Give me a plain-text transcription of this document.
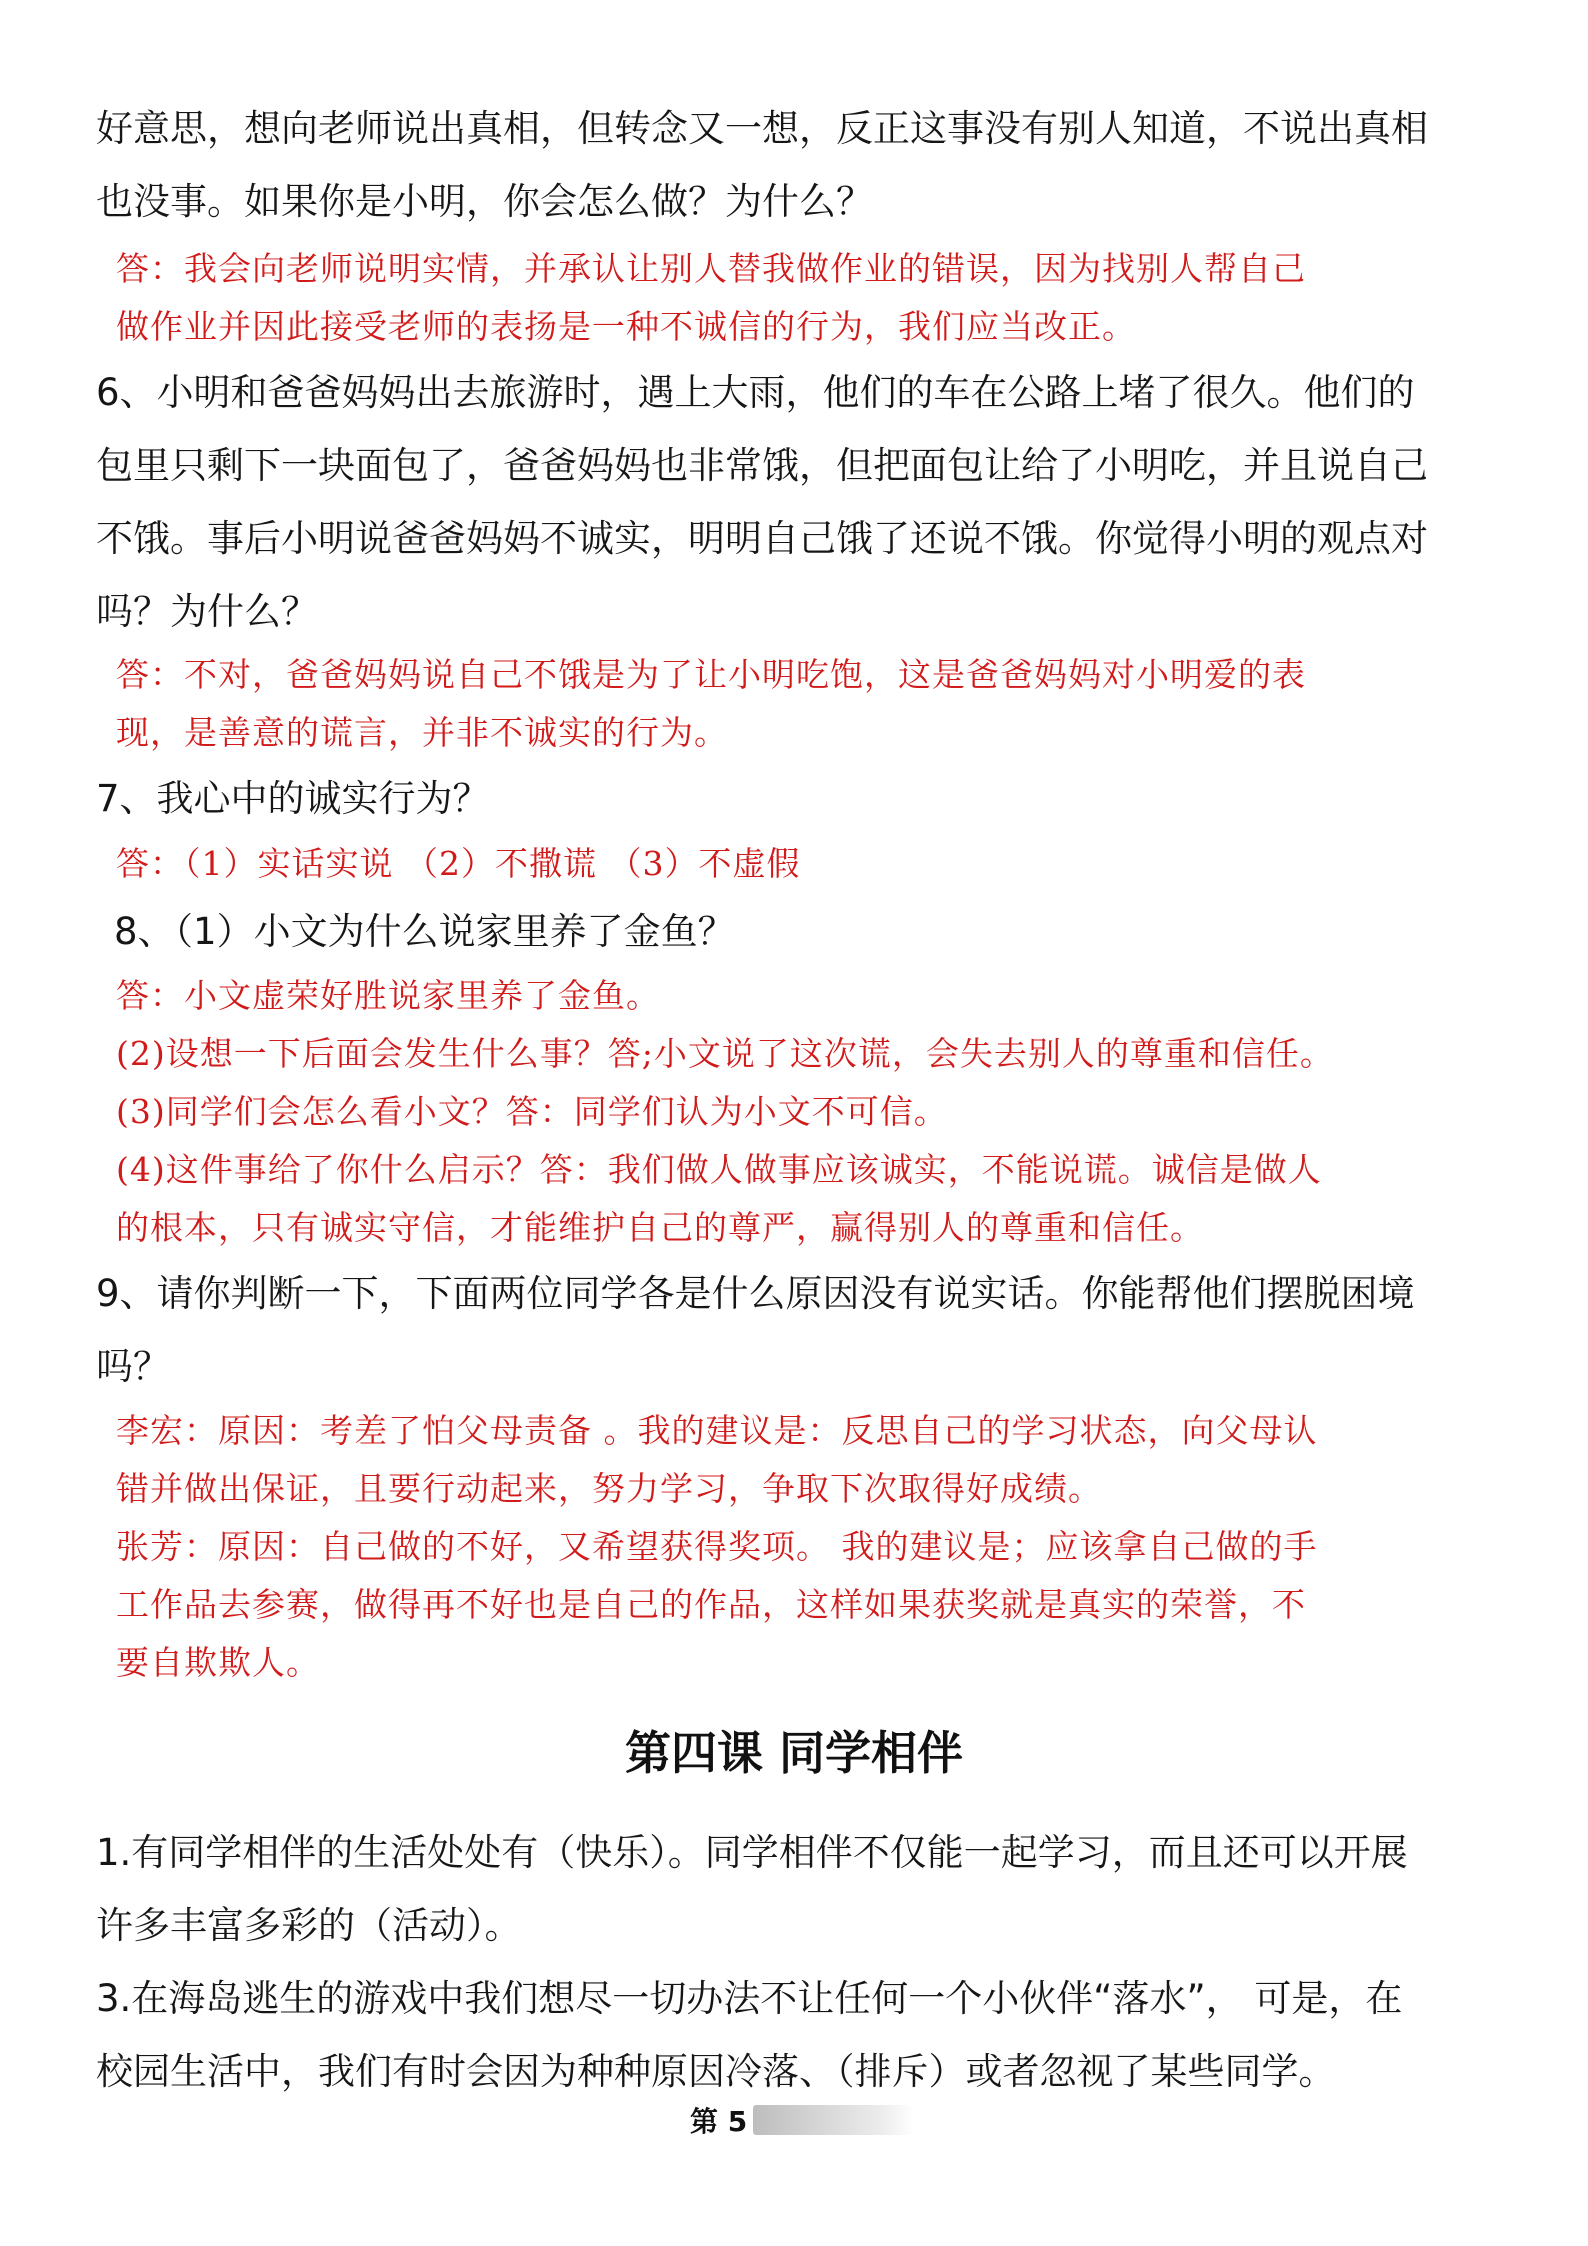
好意思，想向老师说出真相，但转念又一想，反正这事没有别人知道，不说出真相
也没事。如果你是小明，你会怎么做？为什么？
答：我会向老师说明实情，并承认让别人替我做作业的错误，因为找别人帮自己
做作业并因此接受老师的表扬是一种不诚信的行为，我们应当改正。
6、小明和爸爸妈妈出去旅游时，遇上大雨，他们的车在公路上堵了很久。他们的
包里只剩下一块面包了，爸爸妈妈也非常饿，但把面包让给了小明吃，并且说自己
不饿。事后小明说爸爸妈妈不诚实，明明自己饿了还说不饿。你觉得小明的观点对
吗？为什么？
答：不对，爸爸妈妈说自己不饿是为了让小明吃饱，这是爸爸妈妈对小明爱的表
现，是善意的谎言，并非不诚实的行为。
7、我心中的诚实行为？
答：（1）实话实说 （2）不撒谎 （3）不虚假
8、（1）小文为什么说家里养了金鱼？
答：小文虚荣好胜说家里养了金鱼。
(2)设想一下后面会发生什么事？答;小文说了这次谎，会失去别人的尊重和信任。
(3)同学们会怎么看小文？答：同学们认为小文不可信。
(4)这件事给了你什么启示？答：我们做人做事应该诚实，不能说谎。诚信是做人
的根本，只有诚实守信，才能维护自己的尊严，赢得别人的尊重和信任。
9、请你判断一下，下面两位同学各是什么原因没有说实话。你能帮他们摆脱困境
吗？
李宏：原因：考差了怕父母责备 。我的建议是：反思自己的学习状态，向父母认
错并做出保证，且要行动起来，努力学习，争取下次取得好成绩。
张芳：原因：自己做的不好，又希望获得奖项。 我的建议是；应该拿自己做的手
工作品去参赛，做得再不好也是自己的作品，这样如果获奖就是真实的荣誉，不
要自欺欺人。
第四课 同学相伴
1.有同学相伴的生活处处有（快乐）。同学相伴不仅能一起学习，而且还可以开展
许多丰富多彩的（活动）。
3.在海岛逃生的游戏中我们想尽一切办法不让任何一个小伙伴“落水”， 可是，在
校园生活中，我们有时会因为种种原因冷落、（排斥）或者忽视了某些同学。
第 5
